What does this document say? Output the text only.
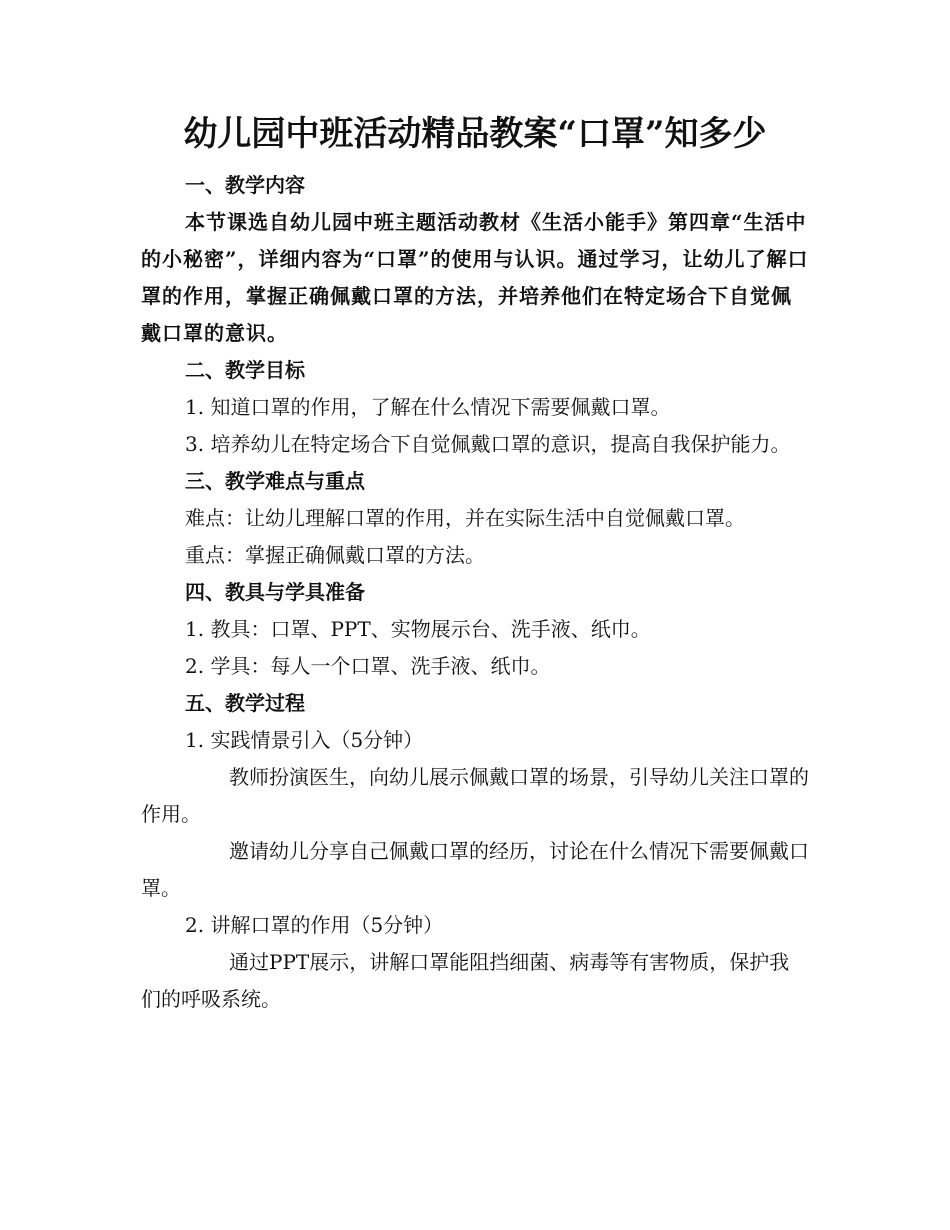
幼儿园中班活动精品教案“口罩”知多少

一、教学内容

本节课选自幼儿园中班主题活动教材《生活小能手》第四章“生活中的小秘密”，详细内容为“口罩”的使用与认识。通过学习，让幼儿了解口罩的作用，掌握正确佩戴口罩的方法，并培养他们在特定场合下自觉佩戴口罩的意识。

二、教学目标

1. 知道口罩的作用，了解在什么情况下需要佩戴口罩。

3. 培养幼儿在特定场合下自觉佩戴口罩的意识，提高自我保护能力。

三、教学难点与重点

难点：让幼儿理解口罩的作用，并在实际生活中自觉佩戴口罩。

重点：掌握正确佩戴口罩的方法。

四、教具与学具准备

1. 教具：口罩、PPT、实物展示台、洗手液、纸巾。

2. 学具：每人一个口罩、洗手液、纸巾。

五、教学过程

1. 实践情景引入（5分钟）

教师扮演医生，向幼儿展示佩戴口罩的场景，引导幼儿关注口罩的作用。

邀请幼儿分享自己佩戴口罩的经历，讨论在什么情况下需要佩戴口罩。

2. 讲解口罩的作用（5分钟）

通过PPT展示，讲解口罩能阻挡细菌、病毒等有害物质，保护我们的呼吸系统。
